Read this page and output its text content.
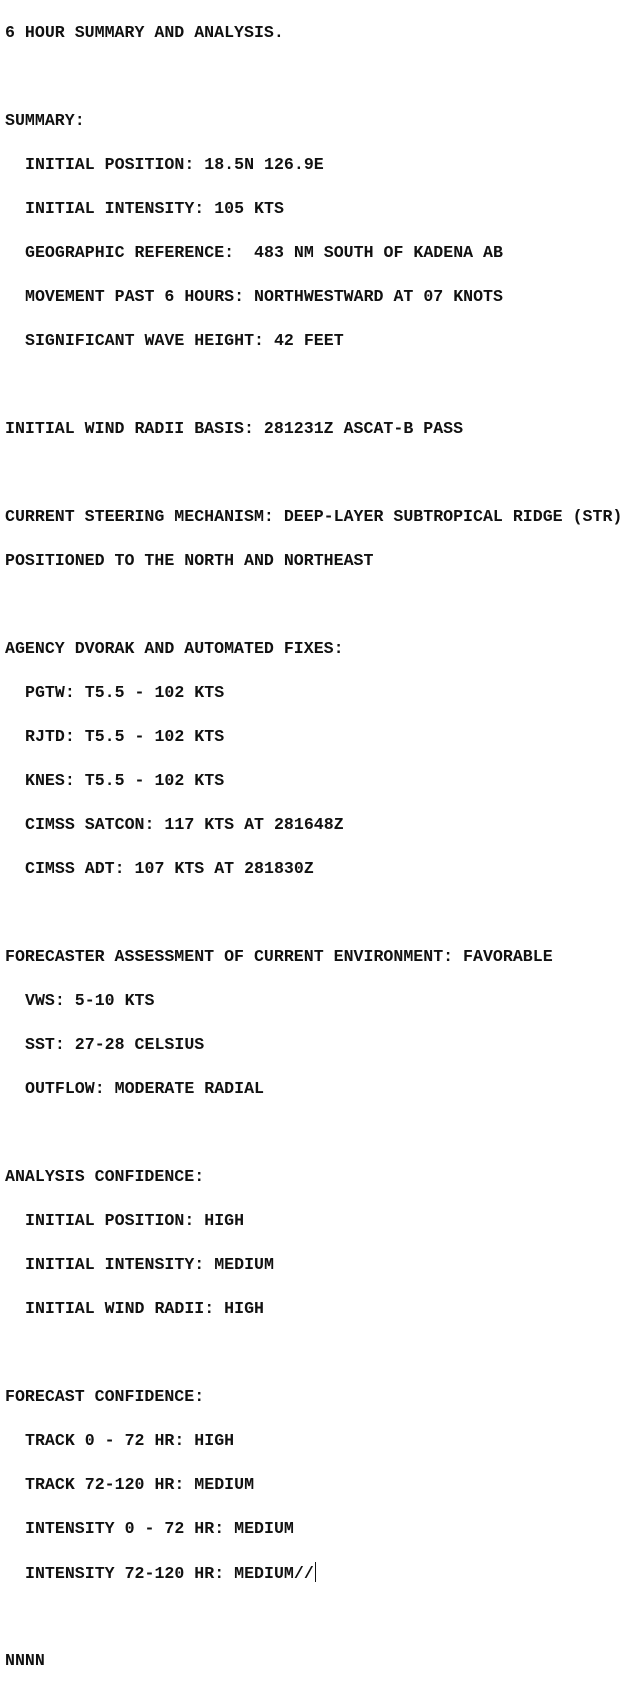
6 HOUR SUMMARY AND ANALYSIS.

SUMMARY:

INITIAL POSITION: 18.5N 126.9E

INITIAL INTENSITY: 105 KTS

GEOGRAPHIC REFERENCE:  483 NM SOUTH OF KADENA AB

MOVEMENT PAST 6 HOURS: NORTHWESTWARD AT 07 KNOTS

SIGNIFICANT WAVE HEIGHT: 42 FEET

INITIAL WIND RADII BASIS: 281231Z ASCAT-B PASS

CURRENT STEERING MECHANISM: DEEP-LAYER SUBTROPICAL RIDGE (STR)

POSITIONED TO THE NORTH AND NORTHEAST

AGENCY DVORAK AND AUTOMATED FIXES:

PGTW: T5.5 - 102 KTS

RJTD: T5.5 - 102 KTS

KNES: T5.5 - 102 KTS

CIMSS SATCON: 117 KTS AT 281648Z

CIMSS ADT: 107 KTS AT 281830Z

FORECASTER ASSESSMENT OF CURRENT ENVIRONMENT: FAVORABLE

VWS: 5-10 KTS

SST: 27-28 CELSIUS

OUTFLOW: MODERATE RADIAL

ANALYSIS CONFIDENCE:

INITIAL POSITION: HIGH

INITIAL INTENSITY: MEDIUM

INITIAL WIND RADII: HIGH

FORECAST CONFIDENCE:

TRACK 0 - 72 HR: HIGH

TRACK 72-120 HR: MEDIUM

INTENSITY 0 - 72 HR: MEDIUM

INTENSITY 72-120 HR: MEDIUM//

NNNN
